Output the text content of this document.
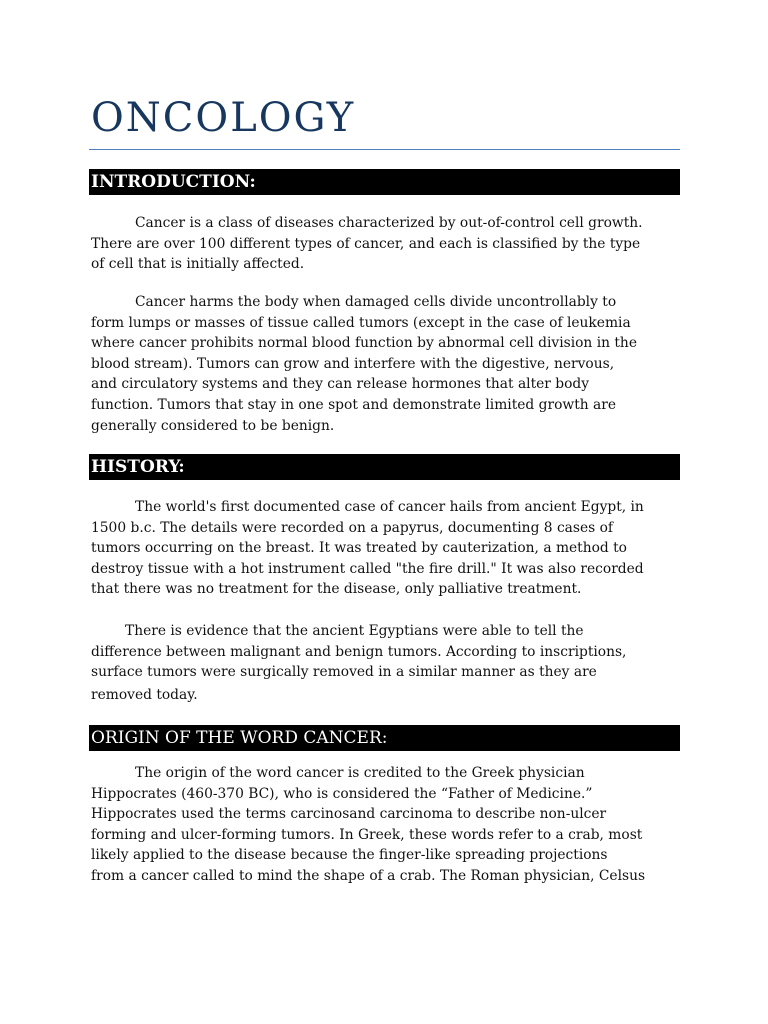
ONCOLOGY
INTRODUCTION:

Cancer is a class of diseases characterized by out-of-control cell growth.
There are over 100 different types of cancer, and each is classified by the type
of cell that is initially affected.

Cancer harms the body when damaged cells divide uncontrollably to
form lumps or masses of tissue called tumors (except in the case of leukemia
where cancer prohibits normal blood function by abnormal cell division in the
blood stream). Tumors can grow and interfere with the digestive, nervous,
and circulatory systems and they can release hormones that alter body
function. Tumors that stay in one spot and demonstrate limited growth are
generally considered to be benign.

HISTORY:

The world's first documented case of cancer hails from ancient Egypt, in
1500 b.c. The details were recorded on a papyrus, documenting 8 cases of
tumors occurring on the breast. It was treated by cauterization, a method to
destroy tissue with a hot instrument called "the fire drill." It was also recorded
that there was no treatment for the disease, only palliative treatment.

There is evidence that the ancient Egyptians were able to tell the
difference between malignant and benign tumors. According to inscriptions,
surface tumors were surgically removed in a similar manner as they are
removed today.

ORIGIN OF THE WORD CANCER:

The origin of the word cancer is credited to the Greek physician
Hippocrates (460-370 BC), who is considered the “Father of Medicine.”
Hippocrates used the terms carcinosand carcinoma to describe non-ulcer
forming and ulcer-forming tumors. In Greek, these words refer to a crab, most
likely applied to the disease because the finger-like spreading projections
from a cancer called to mind the shape of a crab. The Roman physician, Celsus
